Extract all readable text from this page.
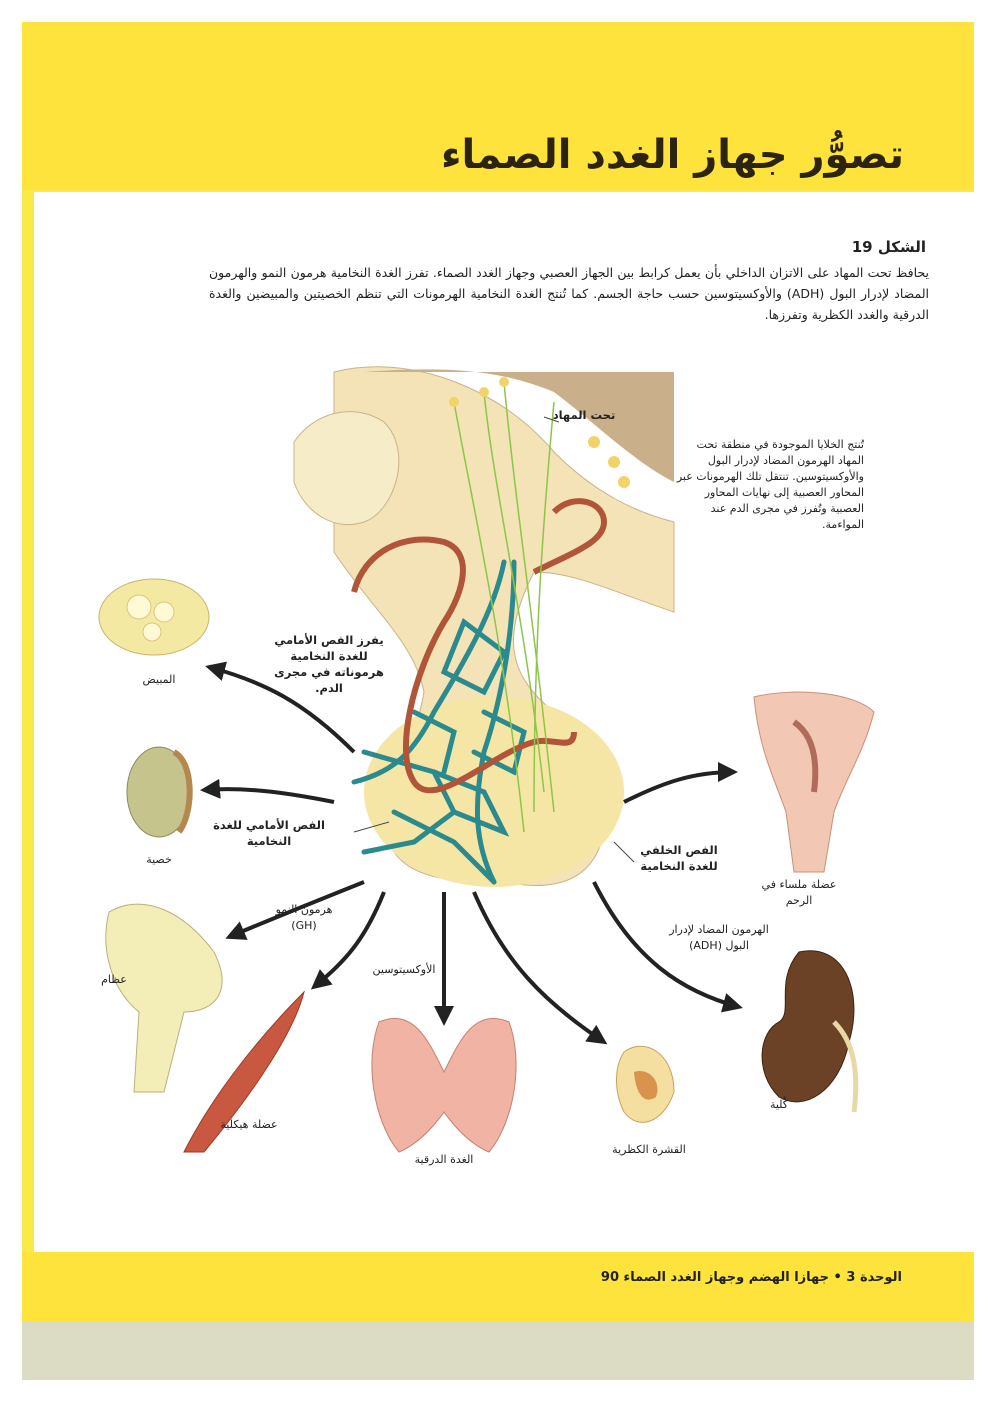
تصوُّر جهاز الغدد الصماء
الشكل 19

يحافظ تحت المهاد على الاتزان الداخلي بأن يعمل كرابط بين الجهاز العصبي وجهاز الغدد الصماء. تفرز الغدة النخامية هرمون النمو والهرمون المضاد لإدرار البول (ADH) والأوكسيتوسين حسب حاجة الجسم. كما تُنتج الغدة النخامية الهرمونات التي تنظم الخصيتين والمبيضين والغدة الدرقية والغدد الكظرية وتفرزها.

تحت المهاد
تُنتج الخلايا الموجودة في منطقة تحت المهاد الهرمون المضاد لإدرار البول والأوكسيتوسين. تنتقل تلك الهرمونات عبر المحاور العصبية إلى نهايات المحاور العصبية وتُفرز في مجرى الدم عند المواءمة.
يفرز الفص الأمامي للغدة النخامية هرموناته في مجرى الدم.
الفص الأمامي للغدة النخامية
الفص الخلفي للغدة النخامية
المبيض
خصية
عظام
هرمون النمو (GH)
الأوكسيتوسين
عضلة هيكلية
الغدة الدرقية
القشرة الكظرية
كُلية
الهرمون المضاد لإدرار البول (ADH)
عضلة ملساء في الرحم
الوحدة 3 • جهازا الهضم وجهاز الغدد الصماء 90
